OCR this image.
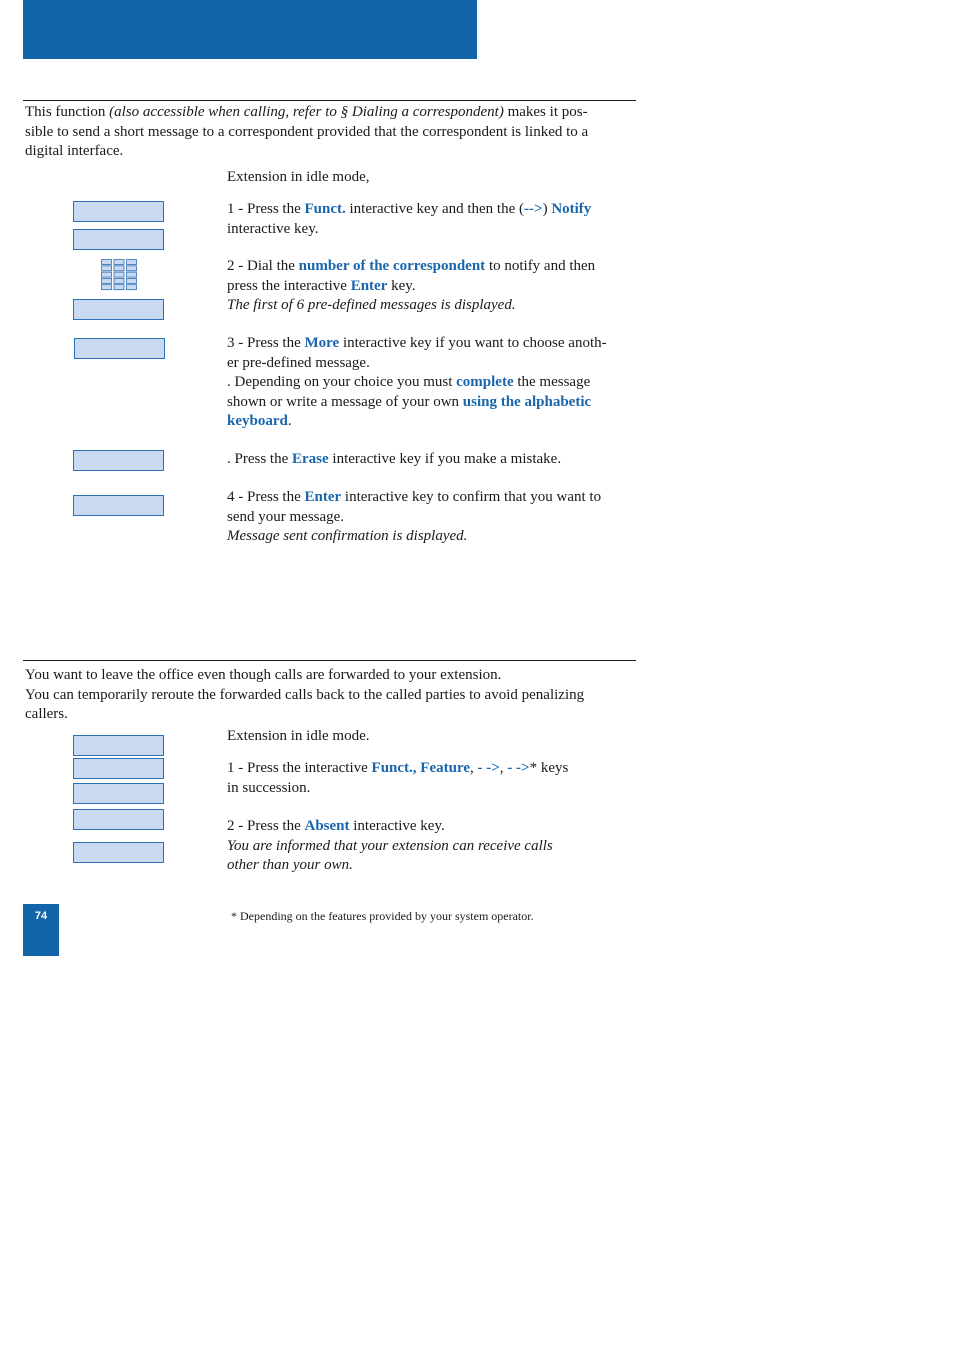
This function (also accessible when calling, refer to § Dialing a correspondent) makes it pos-
sible to send a short message to a correspondent provided that the correspondent is linked to a
digital interface.

Extension in idle mode,

1 - Press the Funct. interactive key and then the (-->) Notify
interactive key.

2 - Dial the number of the correspondent to notify and then
press the interactive Enter key.
The first of 6 pre-defined messages is displayed.

3 - Press the More interactive key if you want to choose anoth-
er pre-defined message.
. Depending on your choice you must complete the message
shown or write a message of your own using the alphabetic
keyboard.

. Press the Erase interactive key if you make a mistake.

4 - Press the Enter interactive key to confirm that you want to
send your message.
Message sent confirmation is displayed.

You want to leave the office even though calls are forwarded to your extension.
You can temporarily reroute the forwarded calls back to the called parties to avoid penalizing
callers.

Extension in idle mode.

1 - Press the interactive Funct., Feature, - ->, - ->* keys
in succession.

2 - Press the Absent interactive key.
You are informed that your extension can receive calls
other than your own.

74	* Depending on the features provided by your system operator.
